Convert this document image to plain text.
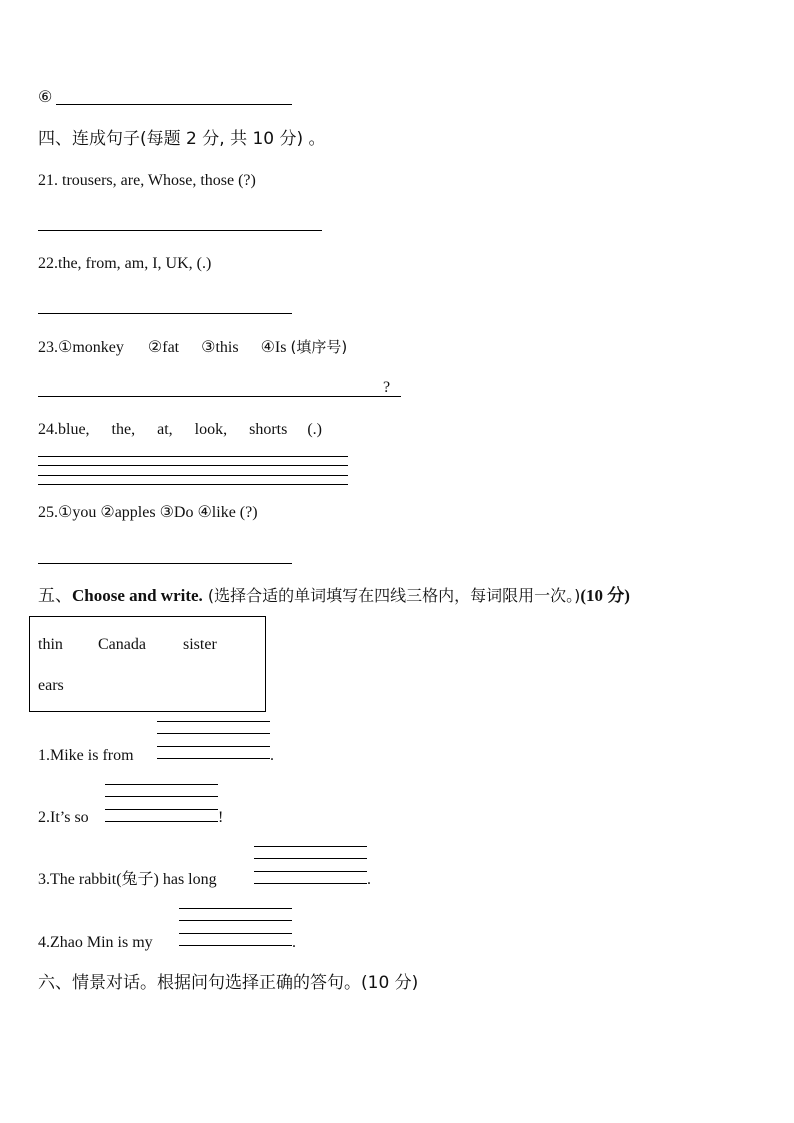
⑥
四、连成句子(每题 2 分, 共 10 分) 。
21. trousers, are, Whose, those (?)
22.the, from, am, I, UK, (.)
23.①monkey ②fat ③this ④Is (填序号)
?
24.blue, the, at, look, shorts (.)
25.①you ②apples ③Do ④like (?)
五、Choose and write. (选择合适的单词填写在四线三格内，每词限用一次。)(10 分)
thin Canada sister
ears
1.Mike is from	.
2.It’s so	!
3.The rabbit(兔子) has long	.
4.Zhao Min is my	.
六、情景对话。根据问句选择正确的答句。(10 分)
